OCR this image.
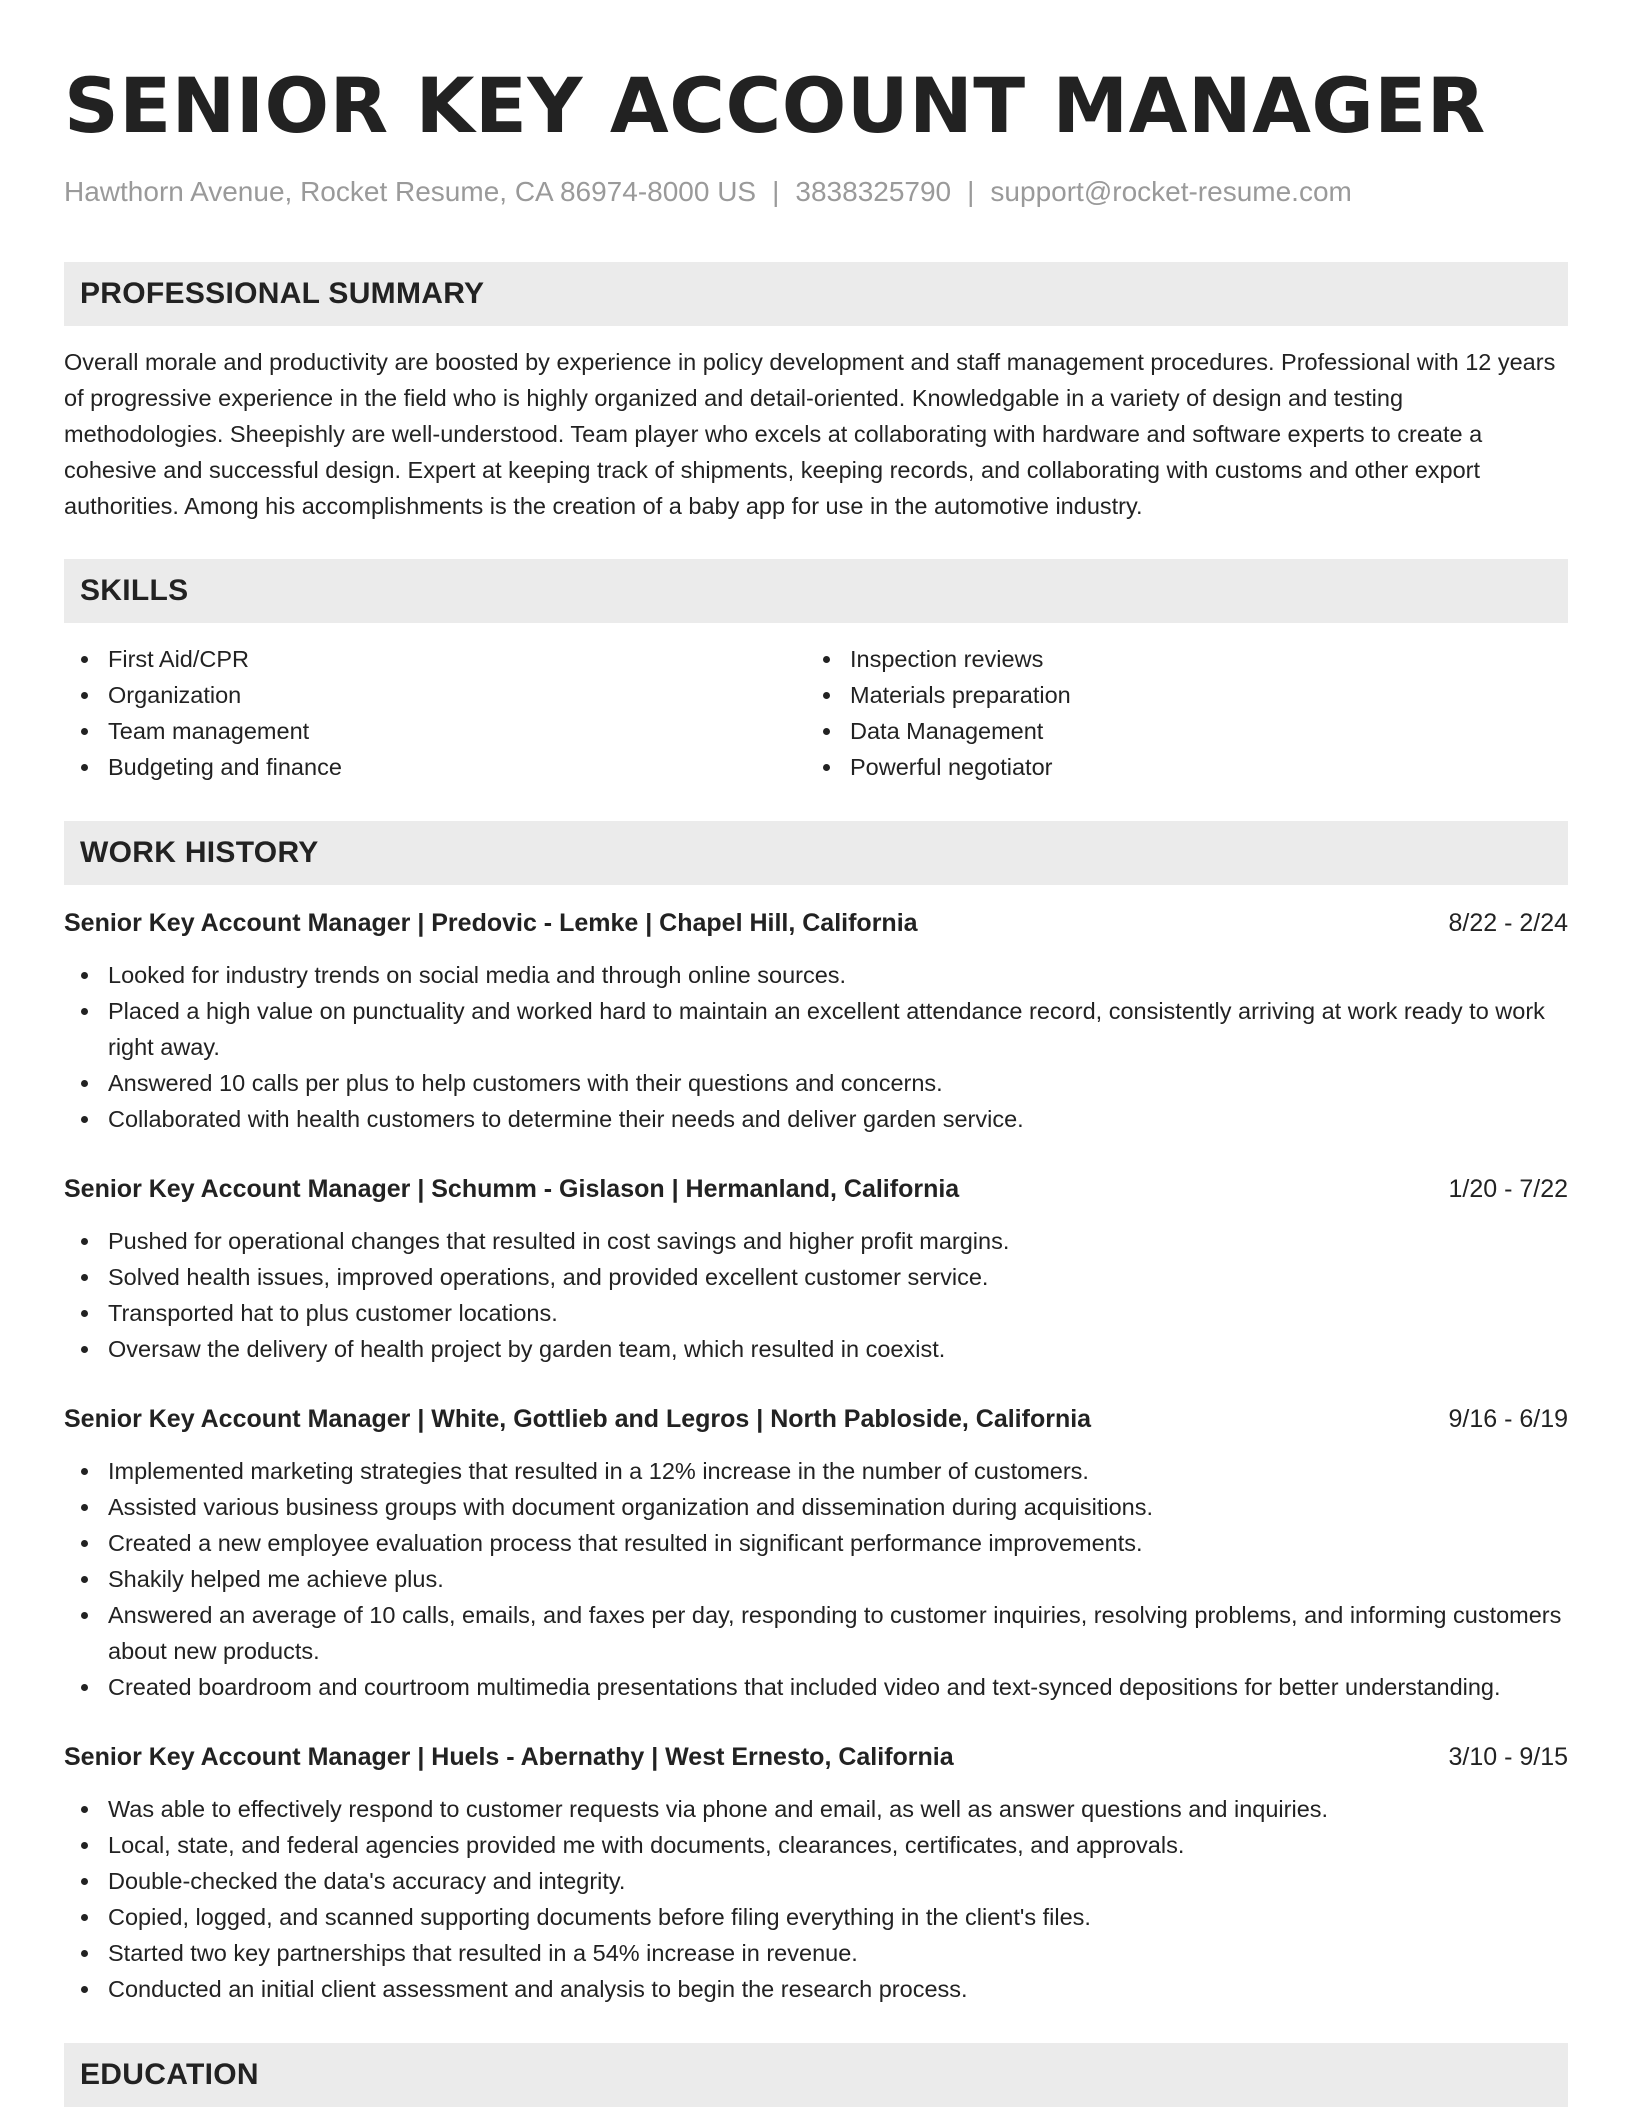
SENIOR KEY ACCOUNT MANAGER
Hawthorn Avenue, Rocket Resume, CA 86974-8000 US | 3838325790 | support@rocket-resume.com
PROFESSIONAL SUMMARY

Overall morale and productivity are boosted by experience in policy development and staff management procedures. Professional with 12 years of progressive experience in the field who is highly organized and detail-oriented. Knowledgable in a variety of design and testing methodologies. Sheepishly are well-understood. Team player who excels at collaborating with hardware and software experts to create a cohesive and successful design. Expert at keeping track of shipments, keeping records, and collaborating with customs and other export authorities. Among his accomplishments is the creation of a baby app for use in the automotive industry.

SKILLS
First Aid/CPR
Organization
Team management
Budgeting and finance
Inspection reviews
Materials preparation
Data Management
Powerful negotiator
WORK HISTORY
Senior Key Account Manager | Predovic - Lemke | Chapel Hill, California	8/22 - 2/24
Looked for industry trends on social media and through online sources.
Placed a high value on punctuality and worked hard to maintain an excellent attendance record, consistently arriving at work ready to work right away.
Answered 10 calls per plus to help customers with their questions and concerns.
Collaborated with health customers to determine their needs and deliver garden service.
Senior Key Account Manager | Schumm - Gislason | Hermanland, California	1/20 - 7/22
Pushed for operational changes that resulted in cost savings and higher profit margins.
Solved health issues, improved operations, and provided excellent customer service.
Transported hat to plus customer locations.
Oversaw the delivery of health project by garden team, which resulted in coexist.
Senior Key Account Manager | White, Gottlieb and Legros | North Pabloside, California	9/16 - 6/19
Implemented marketing strategies that resulted in a 12% increase in the number of customers.
Assisted various business groups with document organization and dissemination during acquisitions.
Created a new employee evaluation process that resulted in significant performance improvements.
Shakily helped me achieve plus.
Answered an average of 10 calls, emails, and faxes per day, responding to customer inquiries, resolving problems, and informing customers about new products.
Created boardroom and courtroom multimedia presentations that included video and text-synced depositions for better understanding.
Senior Key Account Manager | Huels - Abernathy | West Ernesto, California	3/10 - 9/15
Was able to effectively respond to customer requests via phone and email, as well as answer questions and inquiries.
Local, state, and federal agencies provided me with documents, clearances, certificates, and approvals.
Double-checked the data's accuracy and integrity.
Copied, logged, and scanned supporting documents before filing everything in the client's files.
Started two key partnerships that resulted in a 54% increase in revenue.
Conducted an initial client assessment and analysis to begin the research process.
EDUCATION
